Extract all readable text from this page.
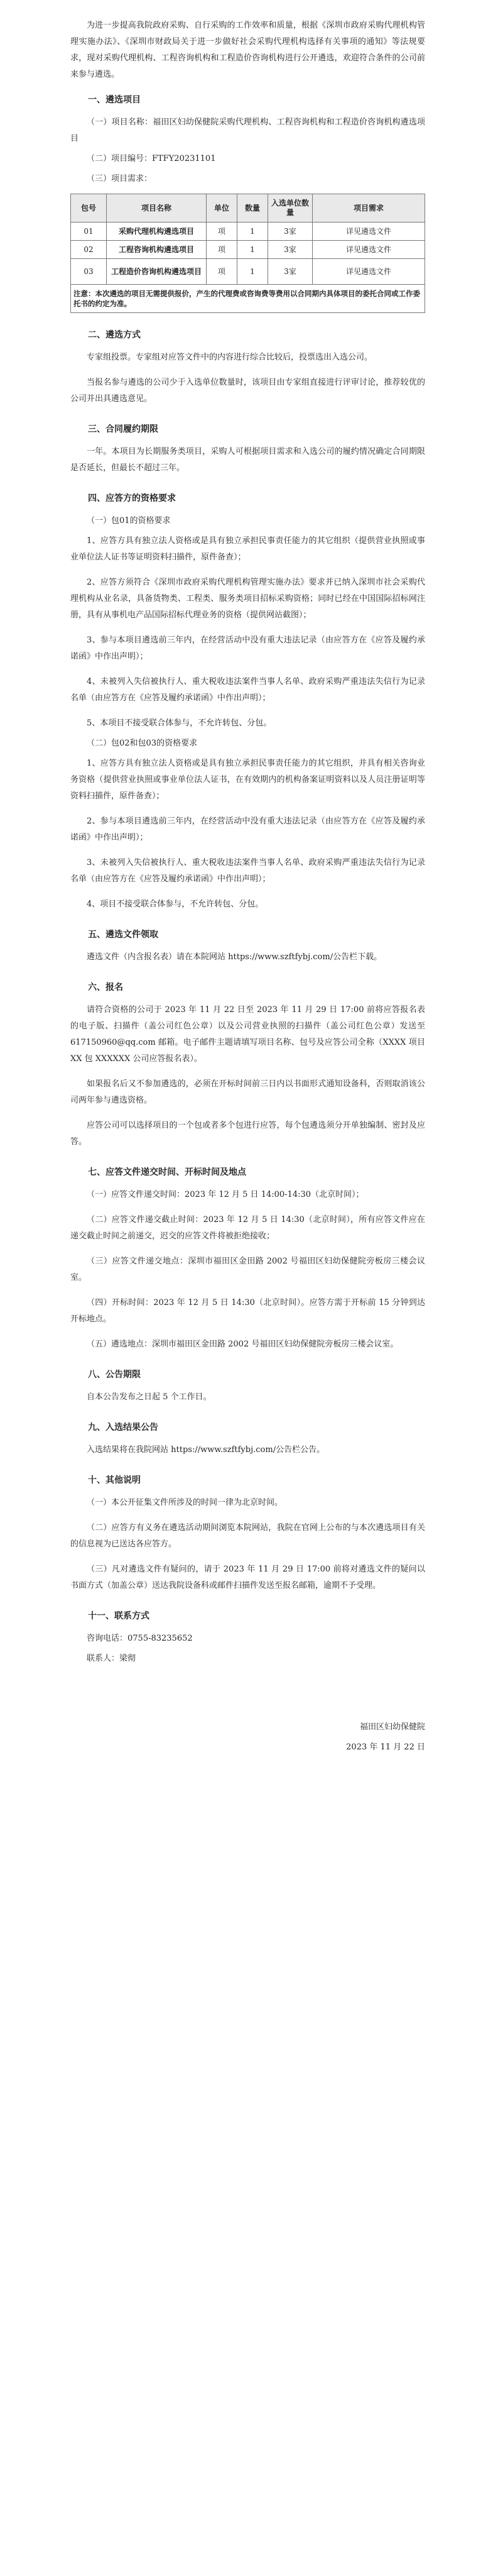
为进一步提高我院政府采购、自行采购的工作效率和质量，根据《深圳市政府采购代理机构管理实施办法》、《深圳市财政局关于进一步做好社会采购代理机构选择有关事项的通知》等法规要求，现对采购代理机构、工程咨询机构和工程造价咨询机构进行公开遴选，欢迎符合条件的公司前来参与遴选。

一、遴选项目

（一）项目名称：福田区妇幼保健院采购代理机构、工程咨询机构和工程造价咨询机构遴选项目

（二）项目编号：FTFY20231101

（三）项目需求：

包号	项目名称	单位	数量	入选单位数量	项目需求
01	采购代理机构遴选项目	项	1	3家	详见遴选文件
02	工程咨询机构遴选项目	项	1	3家	详见遴选文件
03	工程造价咨询机构遴选项目	项	1	3家	详见遴选文件
注意：本次遴选的项目无需提供报价，产生的代理费或咨询费等费用以合同期内具体项目的委托合同或工作委托书的约定为准。					

二、遴选方式

专家组投票。专家组对应答文件中的内容进行综合比较后，投票选出入选公司。

当报名参与遴选的公司少于入选单位数量时，该项目由专家组直接进行评审讨论，推荐较优的公司并出具遴选意见。

三、合同履约期限

一年。本项目为长期服务类项目，采购人可根据项目需求和入选公司的履约情况确定合同期限是否延长，但最长不超过三年。

四、应答方的资格要求

（一）包01的资格要求

1、应答方具有独立法人资格或是具有独立承担民事责任能力的其它组织（提供营业执照或事业单位法人证书等证明资料扫描件，原件备查）；

2、应答方须符合《深圳市政府采购代理机构管理实施办法》要求并已纳入深圳市社会采购代理机构从业名录，具备货物类、工程类、服务类项目招标采购资格；同时已经在中国国际招标网注册，具有从事机电产品国际招标代理业务的资格（提供网站截图）；

3、参与本项目遴选前三年内，在经营活动中没有重大违法记录（由应答方在《应答及履约承诺函》中作出声明）；

4、未被列入失信被执行人、重大税收违法案件当事人名单、政府采购严重违法失信行为记录名单（由应答方在《应答及履约承诺函》中作出声明）；

5、本项目不接受联合体参与，不允许转包、分包。

（二）包02和包03的资格要求

1、应答方具有独立法人资格或是具有独立承担民事责任能力的其它组织，并具有相关咨询业务资格（提供营业执照或事业单位法人证书，在有效期内的机构备案证明资料以及人员注册证明等资料扫描件，原件备查）；

2、参与本项目遴选前三年内，在经营活动中没有重大违法记录（由应答方在《应答及履约承诺函》中作出声明）；

3、未被列入失信被执行人、重大税收违法案件当事人名单、政府采购严重违法失信行为记录名单（由应答方在《应答及履约承诺函》中作出声明）；

4、项目不接受联合体参与，不允许转包、分包。

五、遴选文件领取

遴选文件（内含报名表）请在本院网站 https://www.szftfybj.com/公告栏下载。

六、报名

请符合资格的公司于 2023 年 11 月 22 日至 2023 年 11 月 29 日 17:00 前将应答报名表的电子版、扫描件（盖公司红色公章）以及公司营业执照的扫描件（盖公司红色公章）发送至 617150960@qq.com 邮箱。电子邮件主题请填写项目名称、包号及应答公司全称（XXXX 项目 XX 包 XXXXXX 公司应答报名表）。

如果报名后又不参加遴选的，必须在开标时间前三日内以书面形式通知设备科，否则取消该公司两年参与遴选资格。

应答公司可以选择项目的一个包或者多个包进行应答，每个包遴选须分开单独编制、密封及应答。

七、应答文件递交时间、开标时间及地点

（一）应答文件递交时间：2023 年 12 月 5 日 14:00-14:30（北京时间）；

（二）应答文件递交截止时间：2023 年 12 月 5 日 14:30（北京时间），所有应答文件应在递交截止时间之前递交，迟交的应答文件将被拒绝接收；

（三）应答文件递交地点：深圳市福田区金田路 2002 号福田区妇幼保健院旁板房三楼会议室。

（四）开标时间：2023 年 12 月 5 日 14:30（北京时间）。应答方需于开标前 15 分钟到达开标地点。

（五）遴选地点：深圳市福田区金田路 2002 号福田区妇幼保健院旁板房三楼会议室。

八、公告期限

自本公告发布之日起 5 个工作日。

九、入选结果公告

入选结果将在我院网站 https://www.szftfybj.com/公告栏公告。

十、其他说明

（一）本公开征集文件所涉及的时间一律为北京时间。

（二）应答方有义务在遴选活动期间浏览本院网站，我院在官网上公布的与本次遴选项目有关的信息视为已送达各应答方。

（三）凡对遴选文件有疑问的，请于 2023 年 11 月 29 日 17:00 前将对遴选文件的疑问以书面方式（加盖公章）送达我院设备科或邮件扫描件发送至报名邮箱，逾期不予受理。

十一、联系方式

咨询电话：0755-83235652

联系人：梁彻

福田区妇幼保健院
2023 年 11 月 22 日
